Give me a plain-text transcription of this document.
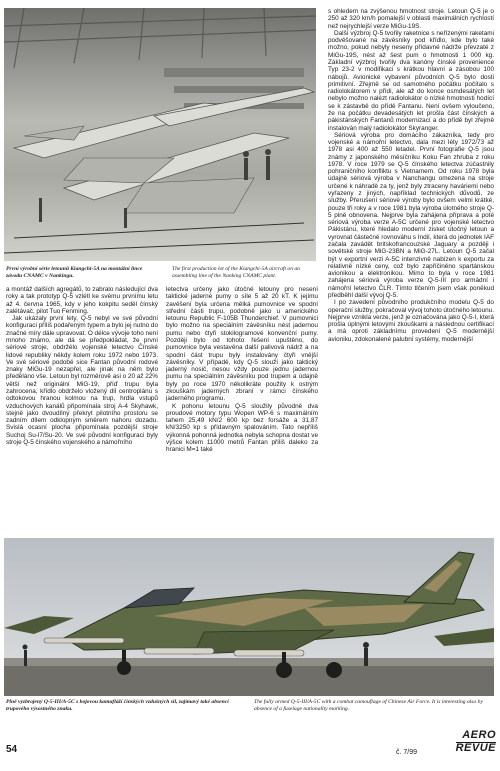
První výrobní série letounů Kiangchi-5A na montážní lince závodu CNAMC v Nankingu.
The first production lot of the Kiangchi-5A aircraft on an assembling line of the Nanking CNAMC plant.

s ohledem na zvýšenou hmotnost stroje. Letoun Q-5 je o 250 až 320 km/h pomalejší v oblasti maximálních rychlostí než nejrychlejší verze MiGu-19S.

Další výzbroj Q-5 tvořily raketnice s neřízenými raketami podvěšované na závěsníky pod křídlo, kde bylo také možno, pokud nebyly neseny přídavné nádrže převzaté z MiGu-19S, nést až šest pum o hmotnosti 1 000 kg. Základní výzbroj tvořily dva kanóny čínské provenience Typ 23-2 v modifikaci s krátkou hlavní a zásobou 100 nábojů. Avionické vybavení původních Q-5 bylo dosti primitivní. Zřejmě se od samotného počátku počítalo s radiolokátorem v přídi, ale až do konce osmdesátých let nebylo možno nalézt radiolokátor o nízké hmotnosti hodící se k zástavbě do přídě Fantanu. Není ovšem vyloučeno, že na počátku devadesátých let prošla část čínských a pákistánských Fantanů modernizací a do přídě byl zřejmě instalován malý radiolokátor Skyranger.

Sériová výroba pro domácího zákazníka, tedy pro vojenské a námořní letectvo, dala mezi léty 1972/73 až 1978 asi 400 až 550 letadel. První fotografie Q-5 jsou známy z japonského měsíčníku Koku Fan zhruba z roku 1978. V roce 1979 se Q-5 čínského letectva zúčastnily pohraničního konfliktu s Vietnamem. Od roku 1978 byla údajně sériová výroba v Nanchangu omezena na stroje určené k náhradě za ty, jenž byly ztraceny haváriemi nebo vyřazeny z jiných, například technických důvodů, ze služby. Přerušení sériové výroby bylo ovšem velmi krátké, pouze tři roky a v roce 1981 byla výroba úlotného stroje Q-5 plně obnovena. Nejprve byla zahájena příprava a poté sériová výroba verze A-5C určené pro vojenské letectvo Pákistánu, které hledalo moderní zisket útočný letoun a vyrovnat částečně rovnováhu s Indií, která do jednotek IAF začala zavádět britskofrancouzské Jaguary a později i sovětské stroje MiG-23BN a MiG-27L. Letoun Q-5 začal být v exportní verzi A-5C intenzivně nabízen k exportu za relativně nízké ceny, což bylo zapříčiněno spartánskou avionikou a elektronikou. Mimo to byla v roce 1981 zahájena sériová výroba verze Q-5-III pro armádní i námořní letectvo ČLR. Tímto tlčením jsem však poněkud předběhl další vývoj Q-5.

I po zavedení původního produkčního modelu Q-5 do operační služby, pokračoval vývoj tohoto útočného letounu. Nejprve vznikla verze, jenž je označována jako Q-5-I, která prošla úplnými letovými zkouškami a následnou certifikací a má oproti základnímu provedení Q-5 modernější avioniku, zdokonalené palubní systémy, modernější

a montáž dalších agregátů, to zabralo následující dva roky a tak prototyp Q-5 vzlétl ke svému prvnímu letu až 4. června 1965, kdy v jeho kokpitu seděl čínský zalétávač, pilot Tuo Fenming.

Jak ukázaly první lety, Q-5 nebyl ve své původní konfiguraci příliš podařeným typem a bylo jej nutno do značné míry dále upravovat. O délce vývoje toho není mnoho známo, ale dá se předpokládat, že první sériové stroje, obdržélo vojenské letectvo Čínské lidové republiky někdy kolem roku 1972 nebo 1973. Ve své sériové podobě sice Fantan původní rodové znaky MiGu-19 nezapřel, ale jinak na něm bylo předěláno vše. Letoun byl rozměrově asi o 20 až 22% větší než originální MiG-19, příď trupu byla zahrocena, křídlo obdrželo vložený díl centroplánu s odtokovou hranou kolmou na trup, hrdla vstupů vzduchových kanálů připomínala stroj A-4 Skyhawk, stejně jako dvoudílný překryt pilotního prostoru se zadním dílem odklopným směrem nahoru dozadu. Svislá ocasní plocha připomínala pozdější stroje Suchoj Su-l7/Su-20. Ve své původní konfiguraci byly stroje Q-5 čínského vojenského a námořního

letectva určeny jako útočné letouny pro nesení taktické jaderné pumy o síle 5 až 20 kT. K jejímu zavěšení byla určena mělká pumovnice ve spodní střední části trupu, podobně jako u amerického letounu Republic F-105B Thunderchief. V pumovnici bylo možno na speciálním závěsníku nést jadernou pumu nebo čtyři stokilogramové konvenční pumy. Později bylo od tohoto řešení upuštěno, do pumovnice byla vestavěna další palivová nádrž a na spodní část trupu byly instalovány čtyři vnější závěsníky. V případě, kdy Q-5 slouží jako taktický jaderný nosič, nesou vždy pouze jednu jadernou pumu na speciálním závěsníku pod trupem a údajně byly po roce 1970 několikráte použity k ostrým zkouškám jaderných zbraní v rámci čínského jaderného programu.

K pohonu letounu Q-5 sloužily původně dva proudové motory typu Wopen WP-6 s maximálním tahem 25,49 kN/2 600 kp bez forsáže a 31,87 kN/3250 kp s přídavným spalováním. Tato nepříliš výkonná pohonná jednotka nebyla schopna dostat ve výšce kolem 11000 metrů Fantan příliš daleko za hranici M=1 také

Plně vyzbrojený Q-5-III/A-5C s bojovou kamufláží čínských vzdušných sil, zajímavý také absencí trupového výsostného znaku.
The fully armed Q-5-III/A-5C with a combat camouflage of Chinese Air Force. It is interesting also by absence of a fuselage nationality marking.
54	č. 7/99
AERO
REVUE
